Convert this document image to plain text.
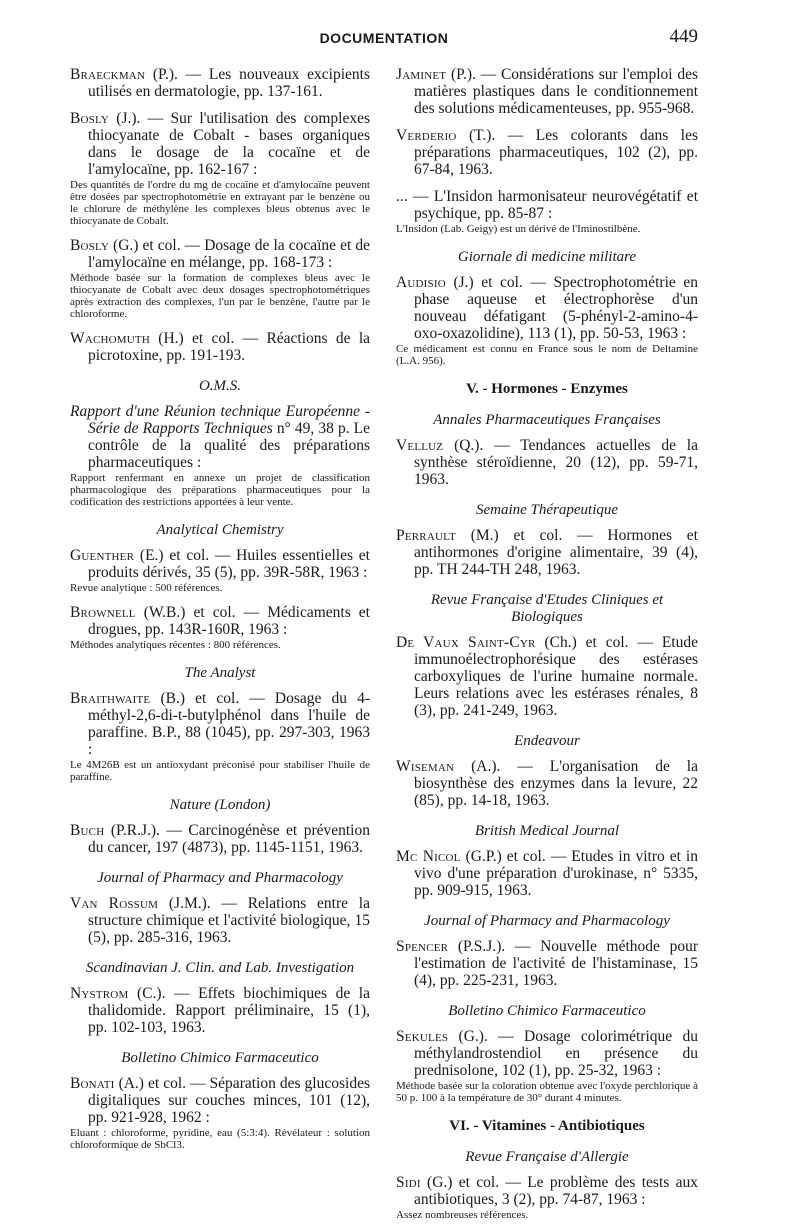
DOCUMENTATION	449

Braeckman (P.). — Les nouveaux excipients utilisés en dermatologie, pp. 137-161.

Bosly (J.). — Sur l'utilisation des complexes thiocyanate de Cobalt - bases organiques dans le dosage de la cocaïne et de l'amylocaïne, pp. 162-167 :
Des quantités de l'ordre du mg de cocaïne et d'amylocaïne peuvent être dosées par spectrophotométrie en extrayant par le benzène ou le chlorure de méthylène les complexes bleus obtenus avec le thiocyanate de Cobalt.

Bosly (G.) et col. — Dosage de la cocaïne et de l'amylocaïne en mélange, pp. 168-173 :
Méthode basée sur la formation de complexes bleus avec le thiocyanate de Cobalt avec deux dosages spectrophotométriques après extraction des complexes, l'un par le benzène, l'autre par le chloroforme.

Wachomuth (H.) et col. — Réactions de la picrotoxine, pp. 191-193.

O.M.S.

Rapport d'une Réunion technique Européenne - Série de Rapports Techniques n° 49, 38 p. Le contrôle de la qualité des préparations pharmaceutiques :
Rapport renfermant en annexe un projet de classification pharmacologique des préparations pharmaceutiques pour la codification des restrictions apportées à leur vente.

Analytical Chemistry

Guenther (E.) et col. — Huiles essentielles et produits dérivés, 35 (5), pp. 39R-58R, 1963 :
Revue analytique : 500 références.

Brownell (W.B.) et col. — Médicaments et drogues, pp. 143R-160R, 1963 :
Méthodes analytiques récentes : 800 références.

The Analyst

Braithwaite (B.) et col. — Dosage du 4-méthyl-2,6-di-t-butylphénol dans l'huile de paraffine. B.P., 88 (1045), pp. 297-303, 1963 :
Le 4M26B est un antioxydant préconisé pour stabiliser l'huile de paraffine.

Nature (London)

Buch (P.R.J.). — Carcinogénèse et prévention du cancer, 197 (4873), pp. 1145-1151, 1963.

Journal of Pharmacy and Pharmacology

Van Rossum (J.M.). — Relations entre la structure chimique et l'activité biologique, 15 (5), pp. 285-316, 1963.

Scandinavian J. Clin. and Lab. Investigation

Nystrom (C.). — Effets biochimiques de la thalidomide. Rapport préliminaire, 15 (1), pp. 102-103, 1963.

Bolletino Chimico Farmaceutico

Bonati (A.) et col. — Séparation des glucosides digitaliques sur couches minces, 101 (12), pp. 921-928, 1962 :
Eluant : chloroforme, pyridine, eau (5:3:4). Révélateur : solution chloroformique de SbCl3.

Jaminet (P.). — Considérations sur l'emploi des matières plastiques dans le conditionnement des solutions médicamenteuses, pp. 955-968.

Verderio (T.). — Les colorants dans les préparations pharmaceutiques, 102 (2), pp. 67-84, 1963.

... — L'Insidon harmonisateur neurovégétatif et psychique, pp. 85-87 :
L'Insidon (Lab. Geigy) est un dérivé de l'Iminostilbène.

Giornale di medicine militare

Audisio (J.) et col. — Spectrophotométrie en phase aqueuse et électrophorèse d'un nouveau défatigant (5-phényl-2-amino-4-oxo-oxazolidine), 113 (1), pp. 50-53, 1963 :
Ce médicament est connu en France sous le nom de Deltamine (L.A. 956).

V. - Hormones - Enzymes
Annales Pharmaceutiques Françaises

Velluz (Q.). — Tendances actuelles de la synthèse stéroïdienne, 20 (12), pp. 59-71, 1963.

Semaine Thérapeutique

Perrault (M.) et col. — Hormones et antihormones d'origine alimentaire, 39 (4), pp. TH 244-TH 248, 1963.

Revue Française d'Etudes Cliniques et Biologiques

De Vaux Saint-Cyr (Ch.) et col. — Etude immunoélectrophorésique des estérases carboxyliques de l'urine humaine normale. Leurs relations avec les estérases rénales, 8 (3), pp. 241-249, 1963.

Endeavour

Wiseman (A.). — L'organisation de la biosynthèse des enzymes dans la levure, 22 (85), pp. 14-18, 1963.

British Medical Journal

Mc Nicol (G.P.) et col. — Etudes in vitro et in vivo d'une préparation d'urokinase, n° 5335, pp. 909-915, 1963.

Journal of Pharmacy and Pharmacology

Spencer (P.S.J.). — Nouvelle méthode pour l'estimation de l'activité de l'histaminase, 15 (4), pp. 225-231, 1963.

Bolletino Chimico Farmaceutico

Sekules (G.). — Dosage colorimétrique du méthylandrostendiol en présence du prednisolone, 102 (1), pp. 25-32, 1963 :
Méthode basée sur la coloration obtenue avec l'oxyde perchlorique à 50 p. 100 à la température de 30° durant 4 minutes.

VI. - Vitamines - Antibiotiques
Revue Française d'Allergie

Sidi (G.) et col. — Le problème des tests aux antibiotiques, 3 (2), pp. 74-87, 1963 :
Assez nombreuses références.
